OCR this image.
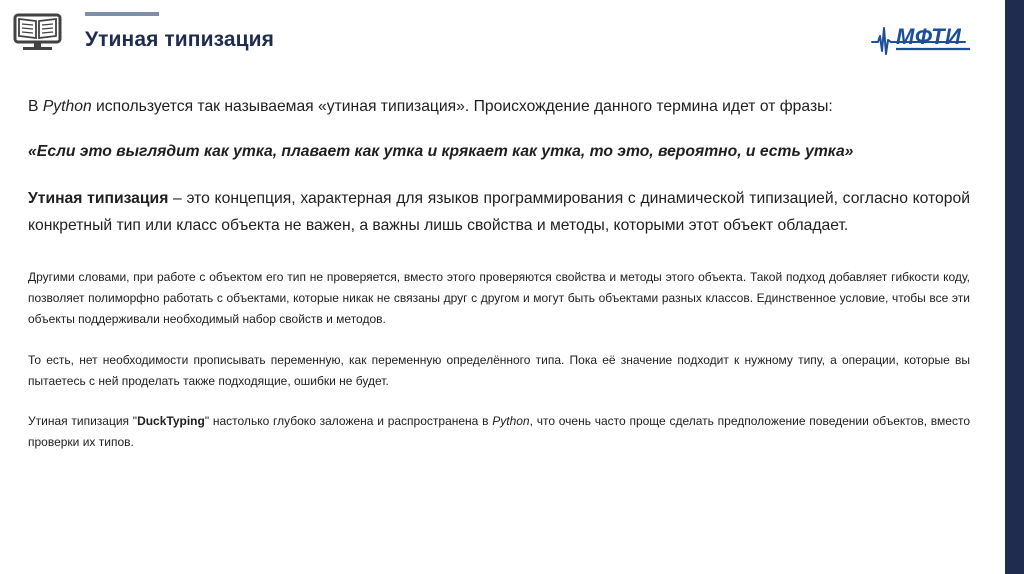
Утиная типизация	МФТИ

В Python используется так называемая «утиная типизация». Происхождение данного термина идет от фразы:

«Если это выглядит как утка, плавает как утка и крякает как утка, то это, вероятно, и есть утка»

Утиная типизация – это концепция, характерная для языков программирования с динамической типизацией, согласно которой конкретный тип или класс объекта не важен, а важны лишь свойства и методы, которыми этот объект обладает.

Другими словами, при работе с объектом его тип не проверяется, вместо этого проверяются свойства и методы этого объекта. Такой подход добавляет гибкости коду, позволяет полиморфно работать с объектами, которые никак не связаны друг с другом и могут быть объектами разных классов. Единственное условие, чтобы все эти объекты поддерживали необходимый набор свойств и методов.

То есть, нет необходимости прописывать переменную, как переменную определённого типа. Пока её значение подходит к нужному типу, а операции, которые вы пытаетесь с ней проделать также подходящие, ошибки не будет.

Утиная типизация "DuckTyping" настолько глубоко заложена и распространена в Python, что очень часто проще сделать предположение поведении объектов, вместо проверки их типов.
